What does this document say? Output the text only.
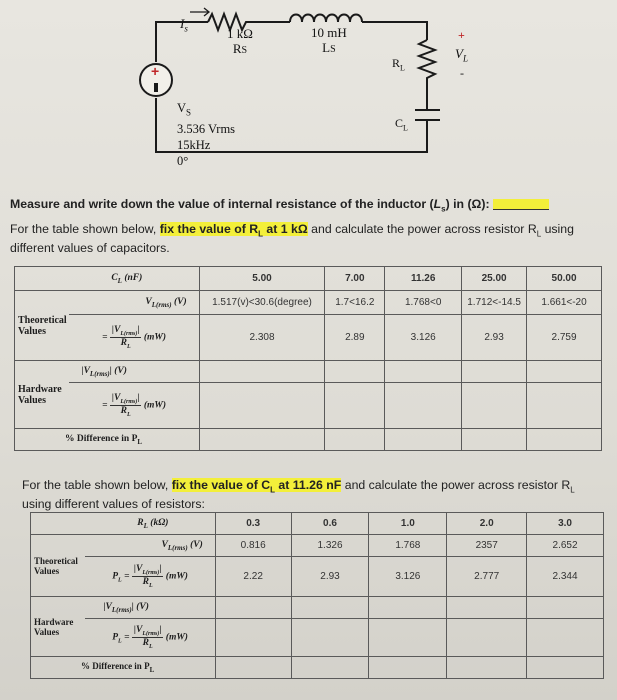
+
$I_s$	1 kΩ
RS
10 mH
LS
$R_L$
$C_L$
+
$V_L$
-
$V_S$
3.536 Vrms
15kHz
0°
Measure and write down the value of internal resistance of the inductor $(L_s)$ in (Ω):
For the table shown below, fix the value of $R_L$ at 1 kΩ and calculate the power across resistor $R_L$ using different values of capacitors.
$C_L$ (nF)		5.00	7.00	11.26	25.00	50.00
Theoretical Values	$V_{L(rms)}$ (V)	1.517(v)<30.6(degree)	1.7<16.2	1.768<0	1.712<-14.5	1.661<-20
	= $\frac{|V_{L(rms)}|}{R_L} (mW)$	2.308	2.89	3.126	2.93	2.759
Hardware Values	$|V_{L(rms)}|$ (V)					
	= $\frac{|V_{L(rms)}|}{R_L} (mW)$					
% Difference in $P_L$					
For the table shown below, fix the value of $C_L$ at 11.26 nF and calculate the power across resistor $R_L$
using different values of resistors:
$R_L$ (kΩ)		0.3	0.6	1.0	2.0	3.0
Theoretical Values	$V_{L(rms)}$ (V)	0.816	1.326	1.768	2357	2.652
	$P_L = \frac{|V_{L(rms)}|}{R_L} (mW)$	2.22	2.93	3.126	2.777	2.344
Hardware Values	$|V_{L(rms)}|$ (V)					
	$P_L = \frac{|V_{L(rms)}|}{R_L} (mW)$					
% Difference in $P_L$					
